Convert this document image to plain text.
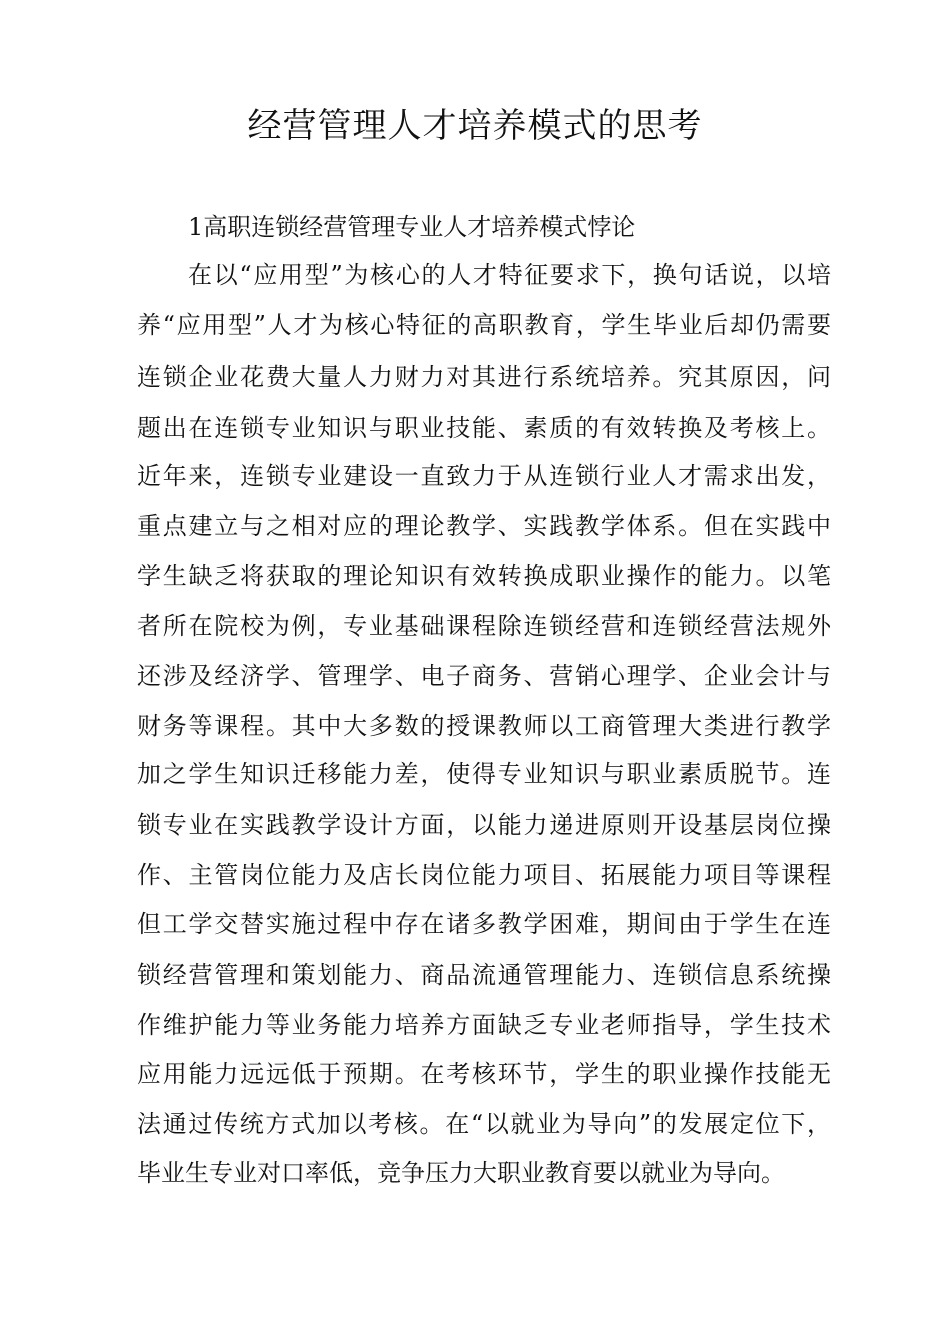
经营管理人才培养模式的思考
1高职连锁经营管理专业人才培养模式悖论
在以“应用型”为核心的人才特征要求下，换句话说，以培
养“应用型”人才为核心特征的高职教育，学生毕业后却仍需要
连锁企业花费大量人力财力对其进行系统培养。究其原因，问
题出在连锁专业知识与职业技能、素质的有效转换及考核上。
近年来，连锁专业建设一直致力于从连锁行业人才需求出发，
重点建立与之相对应的理论教学、实践教学体系。但在实践中
学生缺乏将获取的理论知识有效转换成职业操作的能力。以笔
者所在院校为例，专业基础课程除连锁经营和连锁经营法规外
还涉及经济学、管理学、电子商务、营销心理学、企业会计与
财务等课程。其中大多数的授课教师以工商管理大类进行教学
加之学生知识迁移能力差，使得专业知识与职业素质脱节。连
锁专业在实践教学设计方面，以能力递进原则开设基层岗位操
作、主管岗位能力及店长岗位能力项目、拓展能力项目等课程
但工学交替实施过程中存在诸多教学困难，期间由于学生在连
锁经营管理和策划能力、商品流通管理能力、连锁信息系统操
作维护能力等业务能力培养方面缺乏专业老师指导，学生技术
应用能力远远低于预期。在考核环节，学生的职业操作技能无
法通过传统方式加以考核。在“以就业为导向”的发展定位下，
毕业生专业对口率低，竞争压力大职业教育要以就业为导向。
